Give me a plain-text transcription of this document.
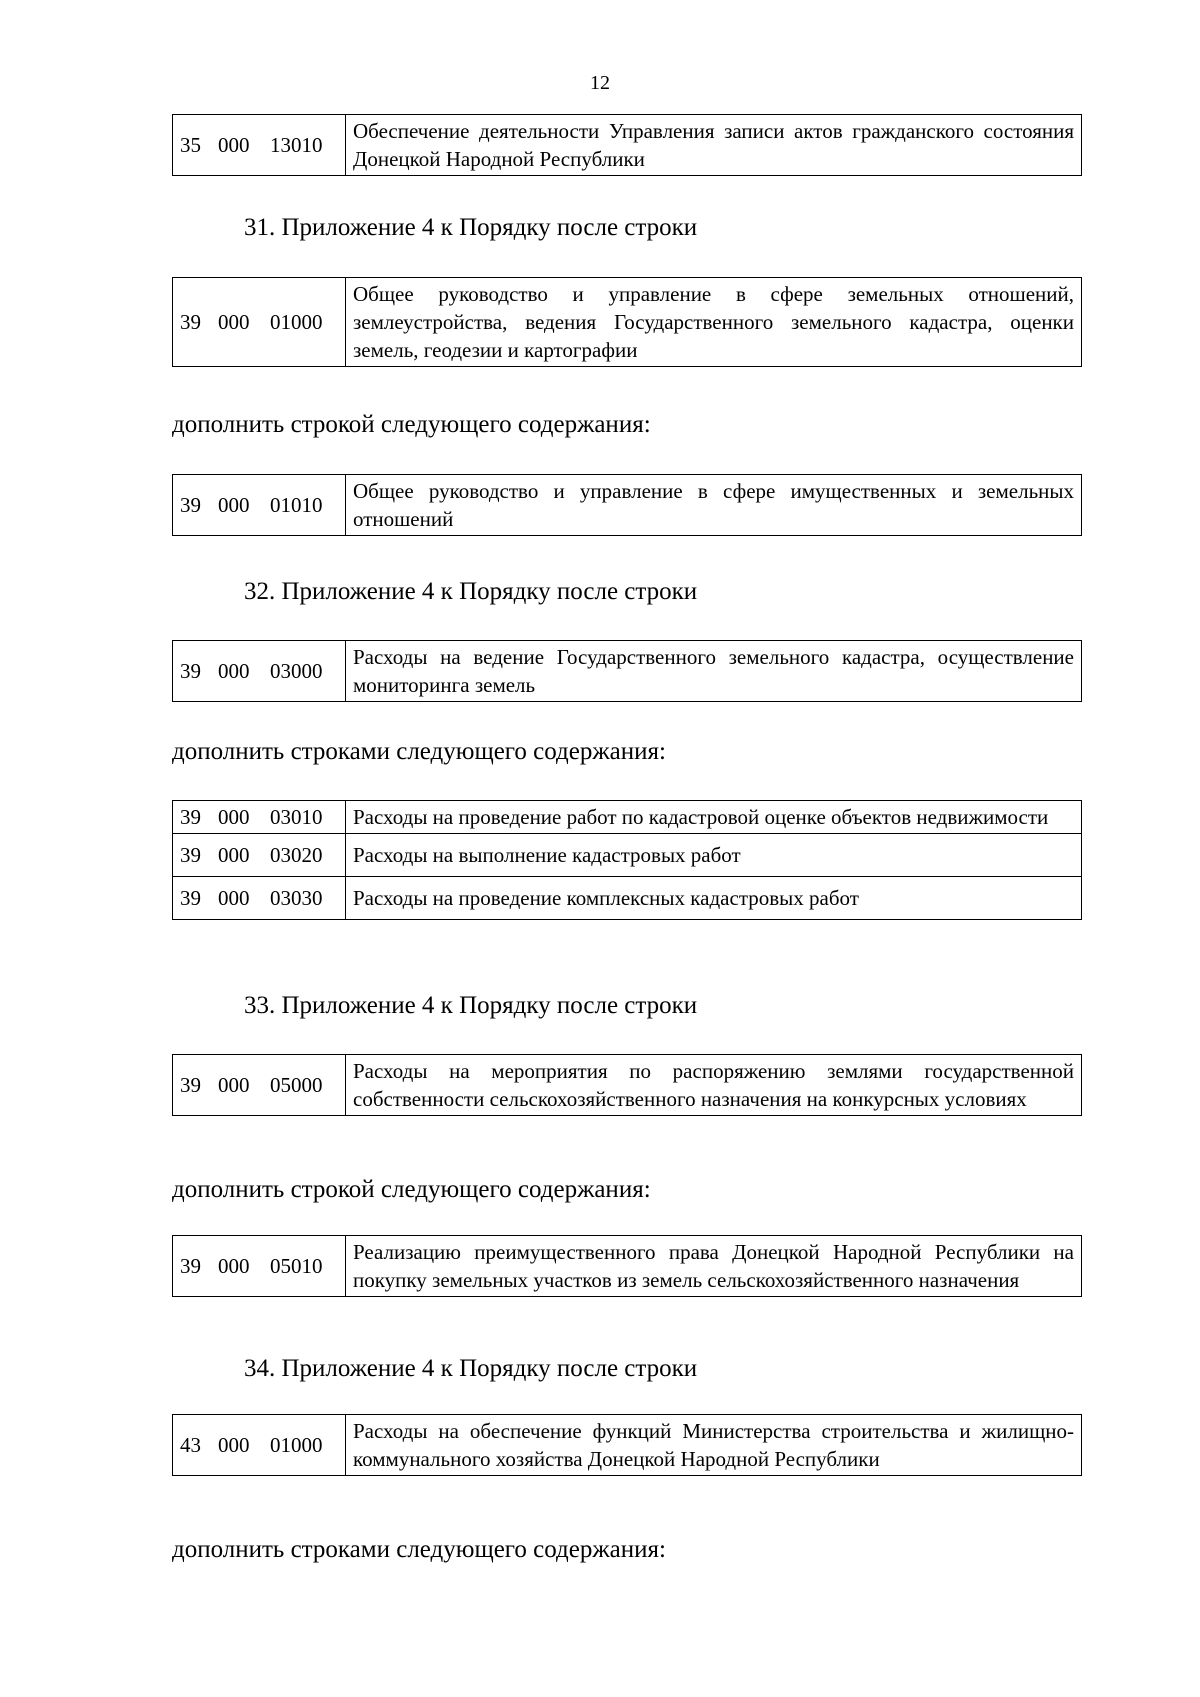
12
35 000 13010	Обеспечение деятельности Управления записи актов гражданского состояния Донецкой Народной Республики
31. Приложение 4 к Порядку после строки
39 000 01000	Общее руководство и управление в сфере земельных отношений, землеустройства, ведения Государственного земельного кадастра, оценки земель, геодезии и картографии
дополнить строкой следующего содержания:
39 000 01010	Общее руководство и управление в сфере имущественных и земельных отношений
32. Приложение 4 к Порядку после строки
39 000 03000	Расходы на ведение Государственного земельного кадастра, осуществление мониторинга земель
дополнить строками следующего содержания:
39 000 03010	Расходы на проведение работ по кадастровой оценке объектов недвижимости
39 000 03020	Расходы на выполнение кадастровых работ
39 000 03030	Расходы на проведение комплексных кадастровых работ
33. Приложение 4 к Порядку после строки
39 000 05000	Расходы на мероприятия по распоряжению землями государственной собственности сельскохозяйственного назначения на конкурсных условиях
дополнить строкой следующего содержания:
39 000 05010	Реализацию преимущественного права Донецкой Народной Республики на покупку земельных участков из земель сельскохозяйственного назначения
34. Приложение 4 к Порядку после строки
43 000 01000	Расходы на обеспечение функций Министерства строительства и жилищно-коммунального хозяйства Донецкой Народной Республики
дополнить строками следующего содержания:
